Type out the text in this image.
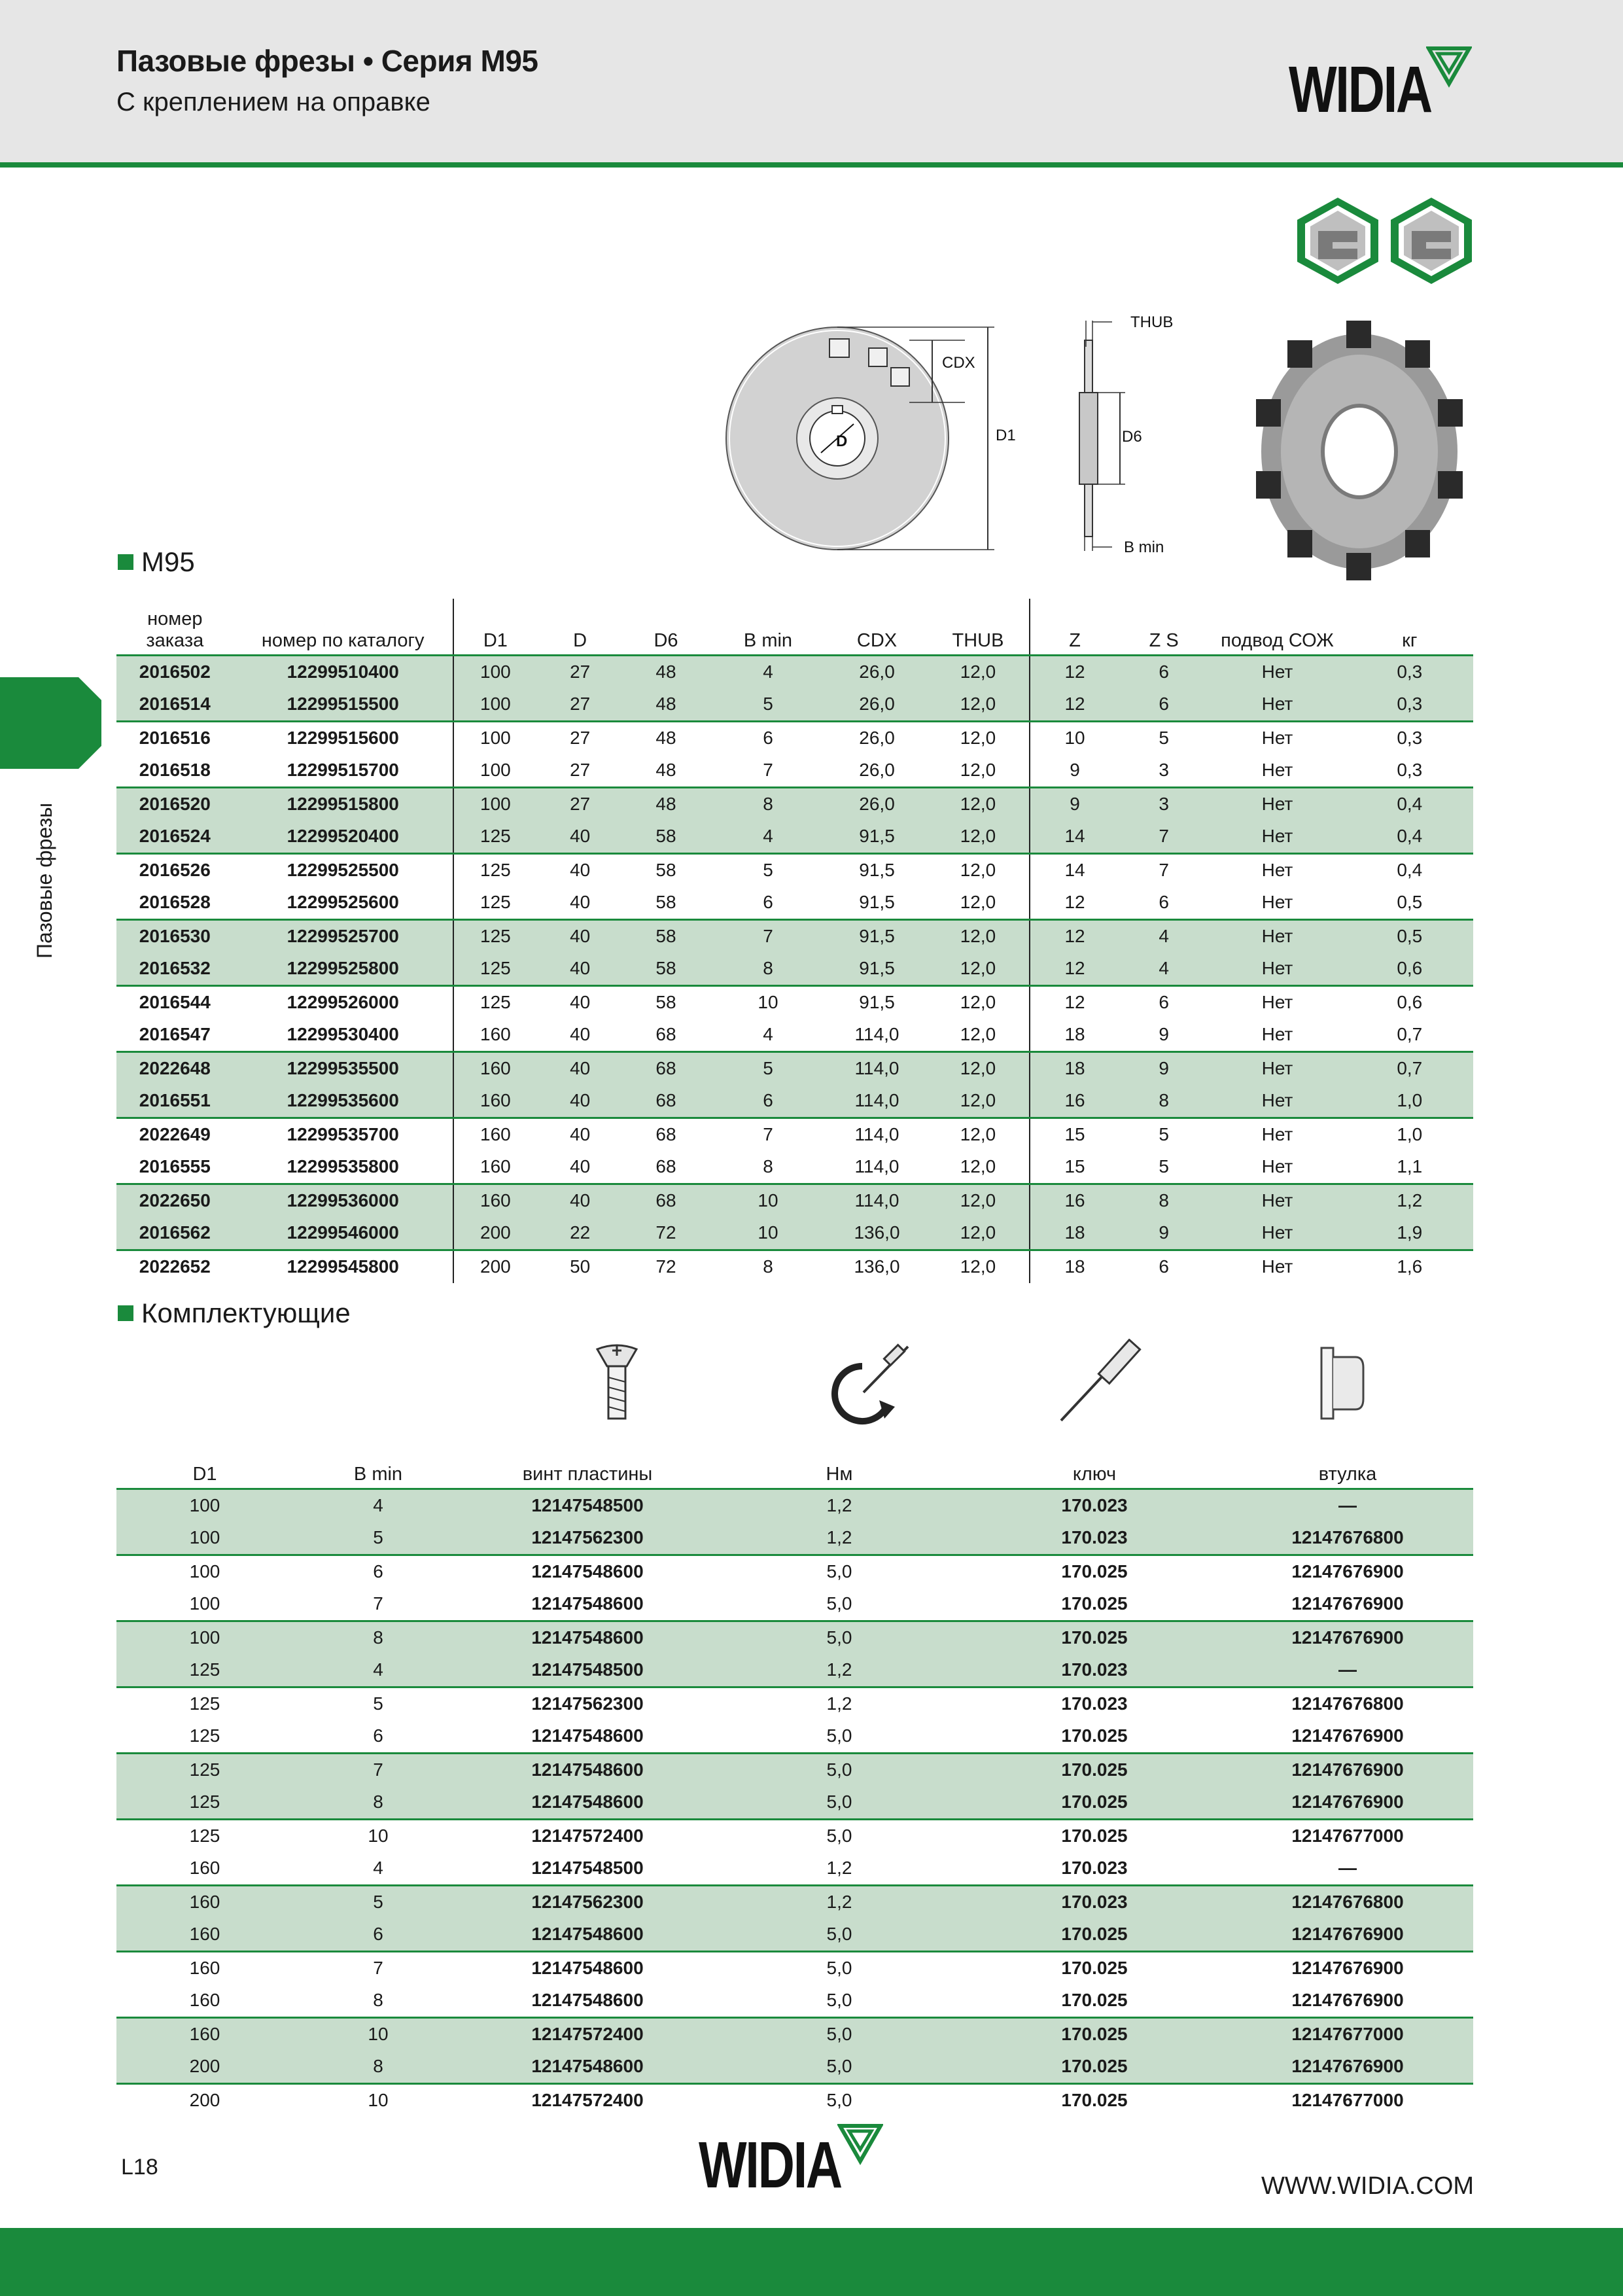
Пазовые фрезы • Серия M95
С креплением на оправке	WIDIA
Пазовые фрезы
D
CDX
D1
THUB
D6
B min
M95
номер заказа	номер по каталогу	D1	D	D6	B min	CDX	THUB	Z	Z S	подвод СОЖ	кг
2016502	12299510400	100	27	48	4	26,0	12,0	12	6	Нет	0,3
2016514	12299515500	100	27	48	5	26,0	12,0	12	6	Нет	0,3
2016516	12299515600	100	27	48	6	26,0	12,0	10	5	Нет	0,3
2016518	12299515700	100	27	48	7	26,0	12,0	9	3	Нет	0,3
2016520	12299515800	100	27	48	8	26,0	12,0	9	3	Нет	0,4
2016524	12299520400	125	40	58	4	91,5	12,0	14	7	Нет	0,4
2016526	12299525500	125	40	58	5	91,5	12,0	14	7	Нет	0,4
2016528	12299525600	125	40	58	6	91,5	12,0	12	6	Нет	0,5
2016530	12299525700	125	40	58	7	91,5	12,0	12	4	Нет	0,5
2016532	12299525800	125	40	58	8	91,5	12,0	12	4	Нет	0,6
2016544	12299526000	125	40	58	10	91,5	12,0	12	6	Нет	0,6
2016547	12299530400	160	40	68	4	114,0	12,0	18	9	Нет	0,7
2022648	12299535500	160	40	68	5	114,0	12,0	18	9	Нет	0,7
2016551	12299535600	160	40	68	6	114,0	12,0	16	8	Нет	1,0
2022649	12299535700	160	40	68	7	114,0	12,0	15	5	Нет	1,0
2016555	12299535800	160	40	68	8	114,0	12,0	15	5	Нет	1,1
2022650	12299536000	160	40	68	10	114,0	12,0	16	8	Нет	1,2
2016562	12299546000	200	22	72	10	136,0	12,0	18	9	Нет	1,9
2022652	12299545800	200	50	72	8	136,0	12,0	18	6	Нет	1,6
Комплектующие
D1	B min	винт пластины	Нм	ключ	втулка
100	4	12147548500	1,2	170.023	—
100	5	12147562300	1,2	170.023	12147676800
100	6	12147548600	5,0	170.025	12147676900
100	7	12147548600	5,0	170.025	12147676900
100	8	12147548600	5,0	170.025	12147676900
125	4	12147548500	1,2	170.023	—
125	5	12147562300	1,2	170.023	12147676800
125	6	12147548600	5,0	170.025	12147676900
125	7	12147548600	5,0	170.025	12147676900
125	8	12147548600	5,0	170.025	12147676900
125	10	12147572400	5,0	170.025	12147677000
160	4	12147548500	1,2	170.023	—
160	5	12147562300	1,2	170.023	12147676800
160	6	12147548600	5,0	170.025	12147676900
160	7	12147548600	5,0	170.025	12147676900
160	8	12147548600	5,0	170.025	12147676900
160	10	12147572400	5,0	170.025	12147677000
200	8	12147548600	5,0	170.025	12147676900
200	10	12147572400	5,0	170.025	12147677000
L18	WIDIA	WWW.WIDIA.COM
